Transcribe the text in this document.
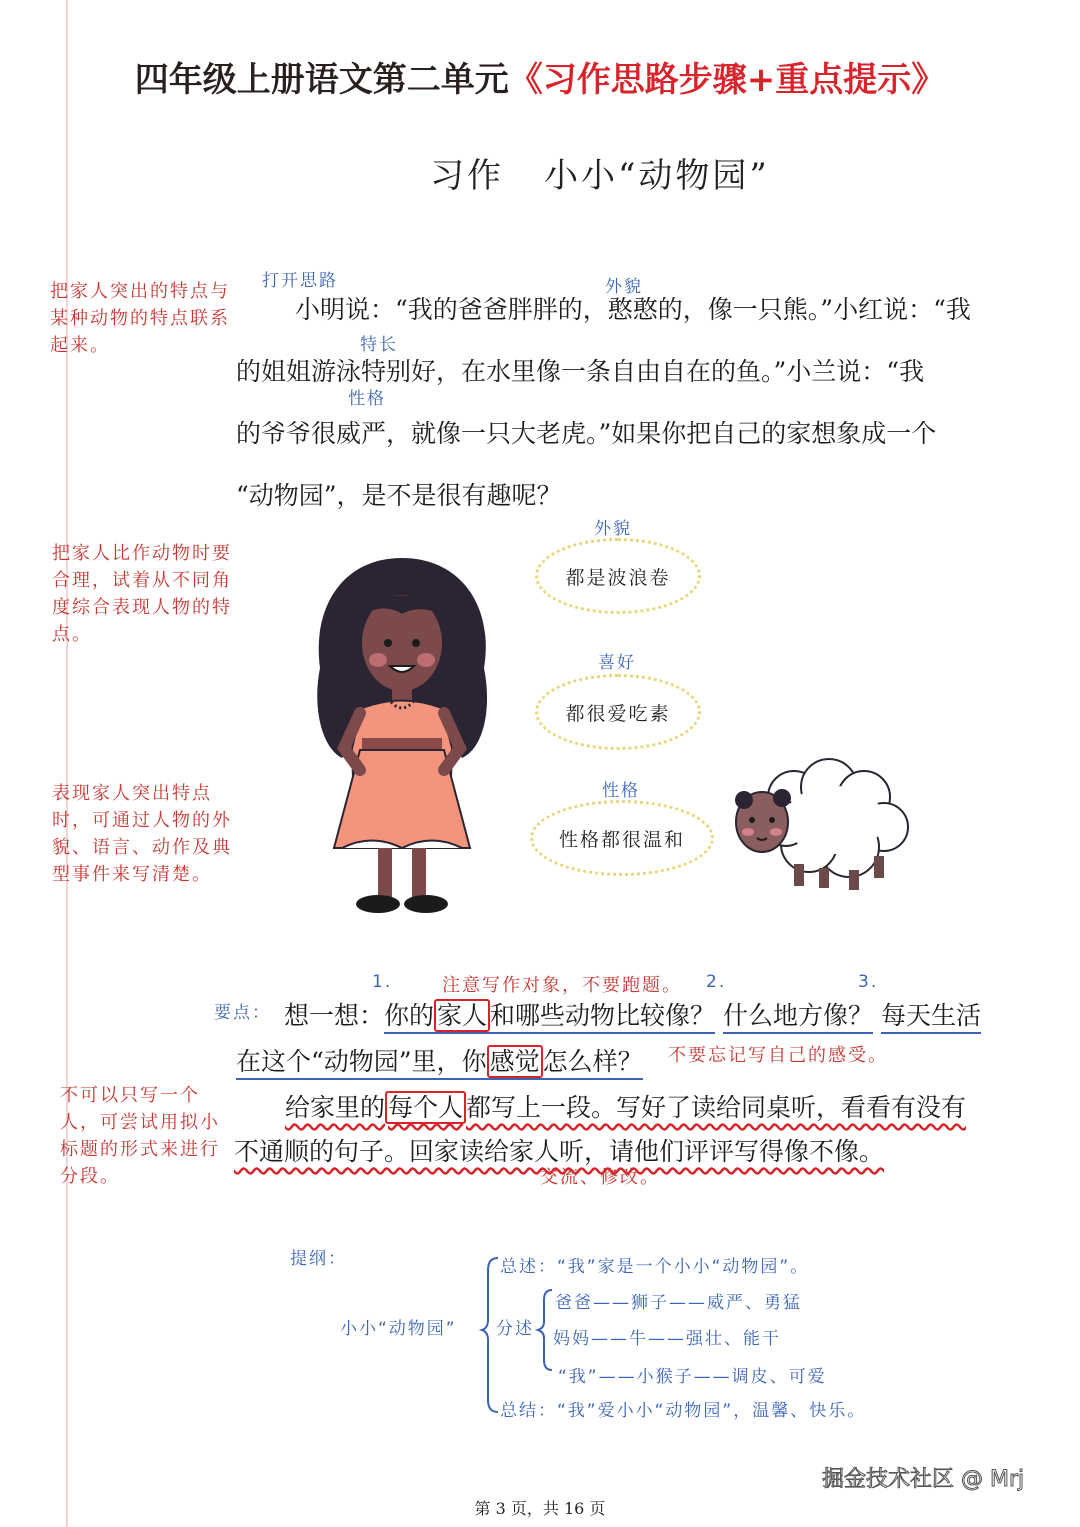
四年级上册语文第二单元《习作思路步骤+重点提示》
习作 小小“动物园”
把家人突出的特点与某种动物的特点联系起来。
把家人比作动物时要合理，试着从不同角度综合表现人物的特点。
表现家人突出特点时，可通过人物的外貌、语言、动作及典型事件来写清楚。
不可以只写一个人，可尝试用拟小标题的形式来进行分段。
打开思路	外貌
特长
性格
小明说：“我的爸爸胖胖的，憨憨的，像一只熊。”小红说：“我
的姐姐游泳特别好，在水里像一条自由自在的鱼。”小兰说：“我
的爷爷很威严，就像一只大老虎。”如果你把自己的家想象成一个
“动物园”，是不是很有趣呢？
外貌
都是波浪卷
喜好
都很爱吃素
性格
性格都很温和
1.	注意写作对象，不要跑题。 2.	3.
要点： 想一想：你的 家人 和哪些动物比较像？ 什么地方像？ 每天生活
在这个“动物园”里，你 感觉 怎么样？ 不要忘记写自己的感受。
给家里的 每个人 都写上一段。写好了读给同桌听，看看有没有
不通顺的句子。回家读给家人听，请他们评评写得像不像。
交流、修改。
提纲：
小小“动物园”
总述：“我”家是一个小小“动物园”。
分述
爸爸——狮子——威严、勇猛
妈妈——牛——强壮、能干
“我”——小猴子——调皮、可爱
总结：“我”爱小小“动物园”，温馨、快乐。
掘金技术社区 @ Mrj
第 3 页，共 16 页
